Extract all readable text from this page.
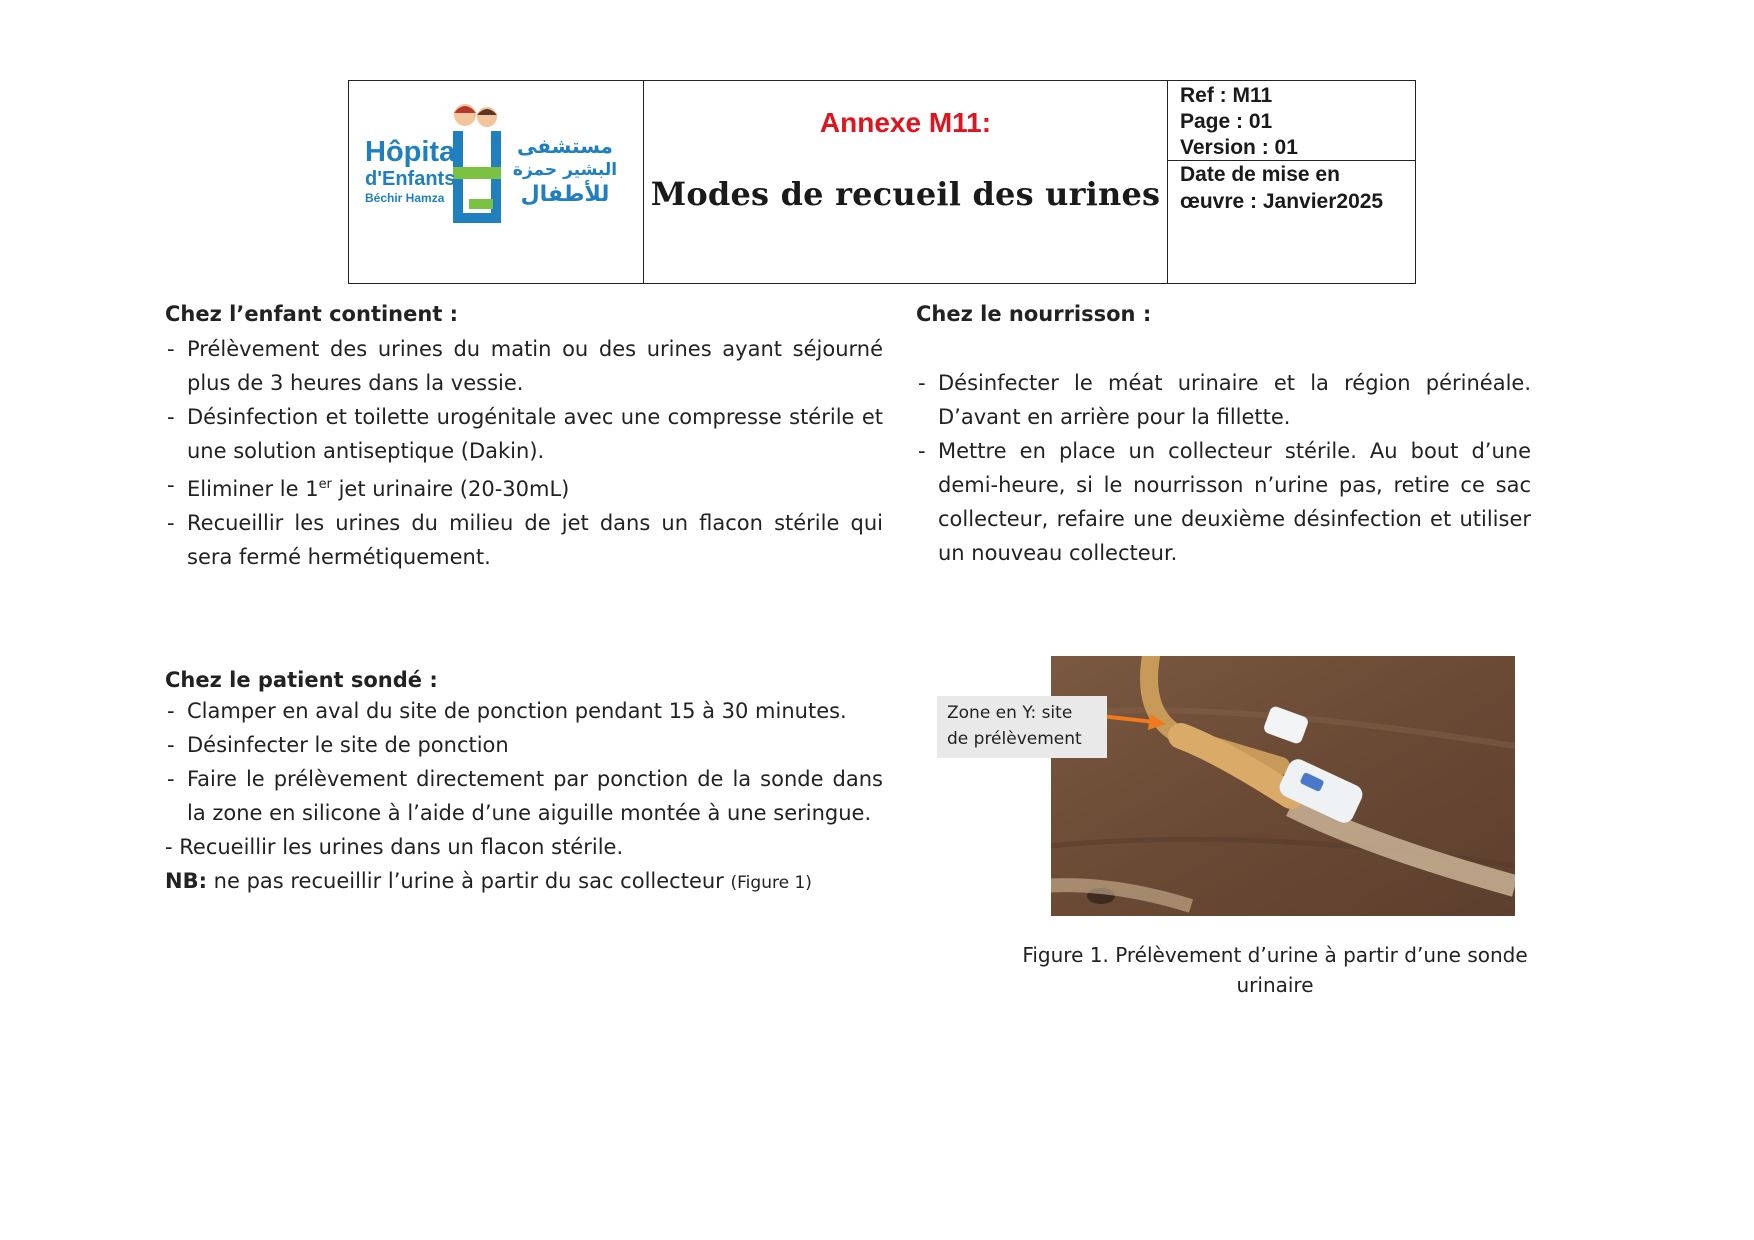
Hôpital
d'Enfants
Béchir Hamza
مستشفى
البشير حمزة
للأطفال
Annexe M11:
Modes de recueil des urines
Ref : M11
Page : 01
Version : 01
Date de mise en
œuvre : Janvier2025
Chez l’enfant continent :
- Prélèvement des urines du matin ou des urines ayant séjourné plus de 3 heures dans la vessie.
- Désinfection et toilette urogénitale avec une compresse stérile et une solution antiseptique (Dakin).
- Eliminer le 1er jet urinaire (20-30mL)
- Recueillir les urines du milieu de jet dans un flacon stérile qui sera fermé hermétiquement.
Chez le nourrisson :
- Désinfecter le méat urinaire et la région périnéale. D’avant en arrière pour la fillette.
- Mettre en place un collecteur stérile. Au bout d’une demi-heure, si le nourrisson n’urine pas, retire ce sac collecteur, refaire une deuxième désinfection et utiliser un nouveau collecteur.
Chez le patient sondé :
- Clamper en aval du site de ponction pendant 15 à 30 minutes.
- Désinfecter le site de ponction
- Faire le prélèvement directement par ponction de la sonde dans la zone en silicone à l’aide d’une aiguille montée à une seringue.
- Recueillir les urines dans un flacon stérile.
NB: ne pas recueillir l’urine à partir du sac collecteur (Figure 1)
Zone en Y: site
de prélèvement
Figure 1. Prélèvement d’urine à partir d’une sonde urinaire
